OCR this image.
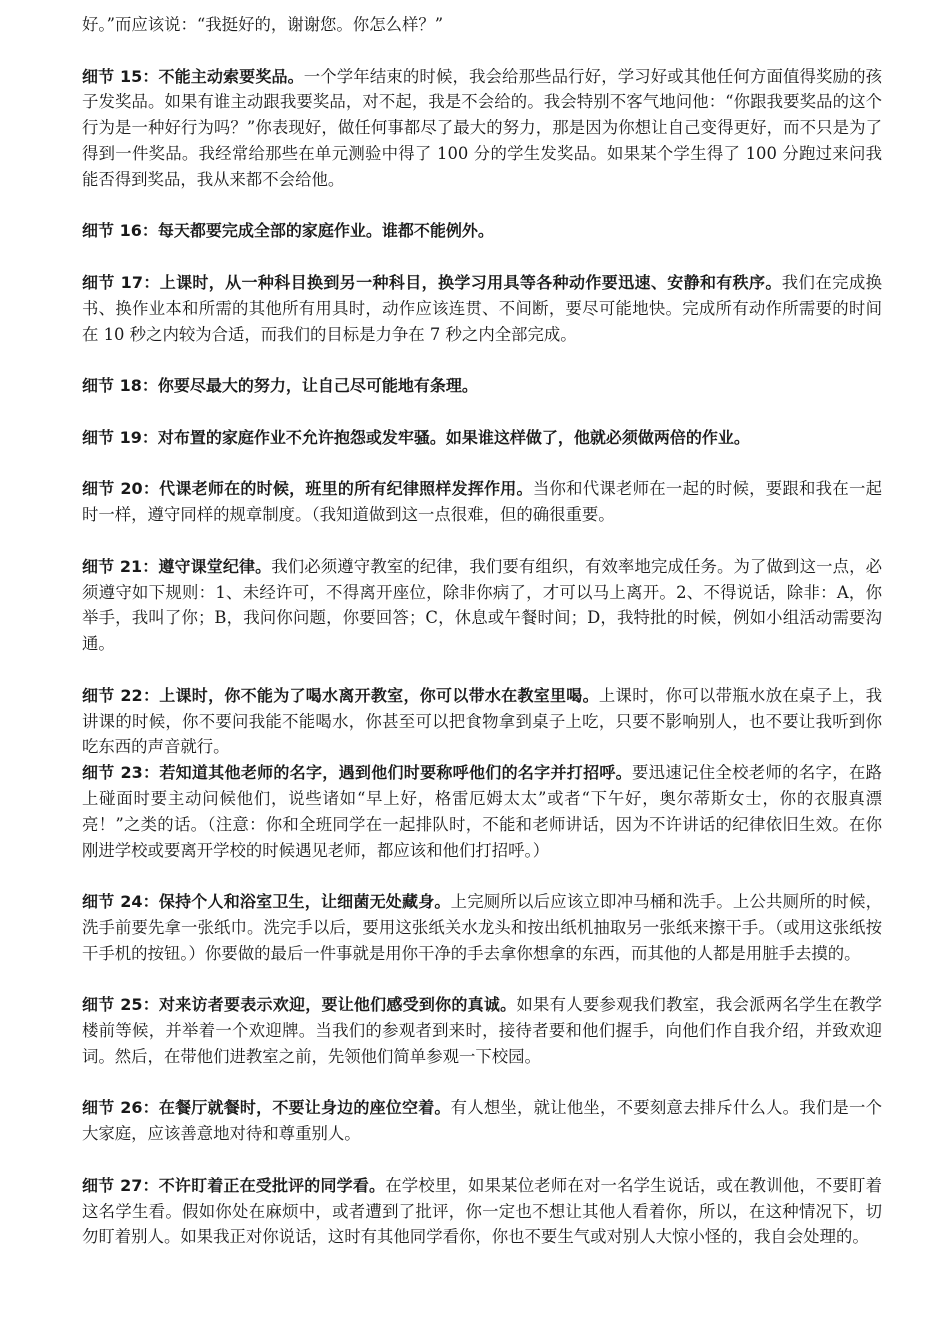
好。”而应该说：“我挺好的，谢谢您。你怎么样？”

细节 15：不能主动索要奖品。一个学年结束的时候，我会给那些品行好，学习好或其他任何方面值得奖励的孩子发奖品。如果有谁主动跟我要奖品，对不起，我是不会给的。我会特别不客气地问他：“你跟我要奖品的这个行为是一种好行为吗？”你表现好，做任何事都尽了最大的努力，那是因为你想让自己变得更好，而不只是为了得到一件奖品。我经常给那些在单元测验中得了 100 分的学生发奖品。如果某个学生得了 100 分跑过来问我能否得到奖品，我从来都不会给他。

细节 16：每天都要完成全部的家庭作业。谁都不能例外。

细节 17：上课时，从一种科目换到另一种科目，换学习用具等各种动作要迅速、安静和有秩序。我们在完成换书、换作业本和所需的其他所有用具时，动作应该连贯、不间断，要尽可能地快。完成所有动作所需要的时间在 10 秒之内较为合适，而我们的目标是力争在 7 秒之内全部完成。

细节 18：你要尽最大的努力，让自己尽可能地有条理。

细节 19：对布置的家庭作业不允许抱怨或发牢骚。如果谁这样做了，他就必须做两倍的作业。

细节 20：代课老师在的时候，班里的所有纪律照样发挥作用。当你和代课老师在一起的时候，要跟和我在一起时一样，遵守同样的规章制度。（我知道做到这一点很难，但的确很重要。

细节 21：遵守课堂纪律。我们必须遵守教室的纪律，我们要有组织，有效率地完成任务。为了做到这一点，必须遵守如下规则：1、未经许可，不得离开座位，除非你病了，才可以马上离开。2、不得说话，除非：A，你举手，我叫了你；B，我问你问题，你要回答；C，休息或午餐时间；D，我特批的时候，例如小组活动需要沟通。

细节 22：上课时，你不能为了喝水离开教室，你可以带水在教室里喝。上课时，你可以带瓶水放在桌子上，我讲课的时候，你不要问我能不能喝水，你甚至可以把食物拿到桌子上吃，只要不影响别人，也不要让我听到你吃东西的声音就行。

细节 23：若知道其他老师的名字，遇到他们时要称呼他们的名字并打招呼。要迅速记住全校老师的名字，在路上碰面时要主动问候他们，说些诸如“早上好，格雷厄姆太太”或者“下午好，奥尔蒂斯女士，你的衣服真漂亮！”之类的话。（注意：你和全班同学在一起排队时，不能和老师讲话，因为不许讲话的纪律依旧生效。在你刚进学校或要离开学校的时候遇见老师，都应该和他们打招呼。）

细节 24：保持个人和浴室卫生，让细菌无处藏身。上完厕所以后应该立即冲马桶和洗手。上公共厕所的时候，洗手前要先拿一张纸巾。洗完手以后，要用这张纸关水龙头和按出纸机抽取另一张纸来擦干手。（或用这张纸按干手机的按钮。）你要做的最后一件事就是用你干净的手去拿你想拿的东西，而其他的人都是用脏手去摸的。

细节 25：对来访者要表示欢迎，要让他们感受到你的真诚。如果有人要参观我们教室，我会派两名学生在教学楼前等候，并举着一个欢迎牌。当我们的参观者到来时，接待者要和他们握手，向他们作自我介绍，并致欢迎词。然后，在带他们进教室之前，先领他们简单参观一下校园。

细节 26：在餐厅就餐时，不要让身边的座位空着。有人想坐，就让他坐，不要刻意去排斥什么人。我们是一个大家庭，应该善意地对待和尊重别人。

细节 27：不许盯着正在受批评的同学看。在学校里，如果某位老师在对一名学生说话，或在教训他，不要盯着这名学生看。假如你处在麻烦中，或者遭到了批评，你一定也不想让其他人看着你，所以，在这种情况下，切勿盯着别人。如果我正对你说话，这时有其他同学看你，你也不要生气或对别人大惊小怪的，我自会处理的。
